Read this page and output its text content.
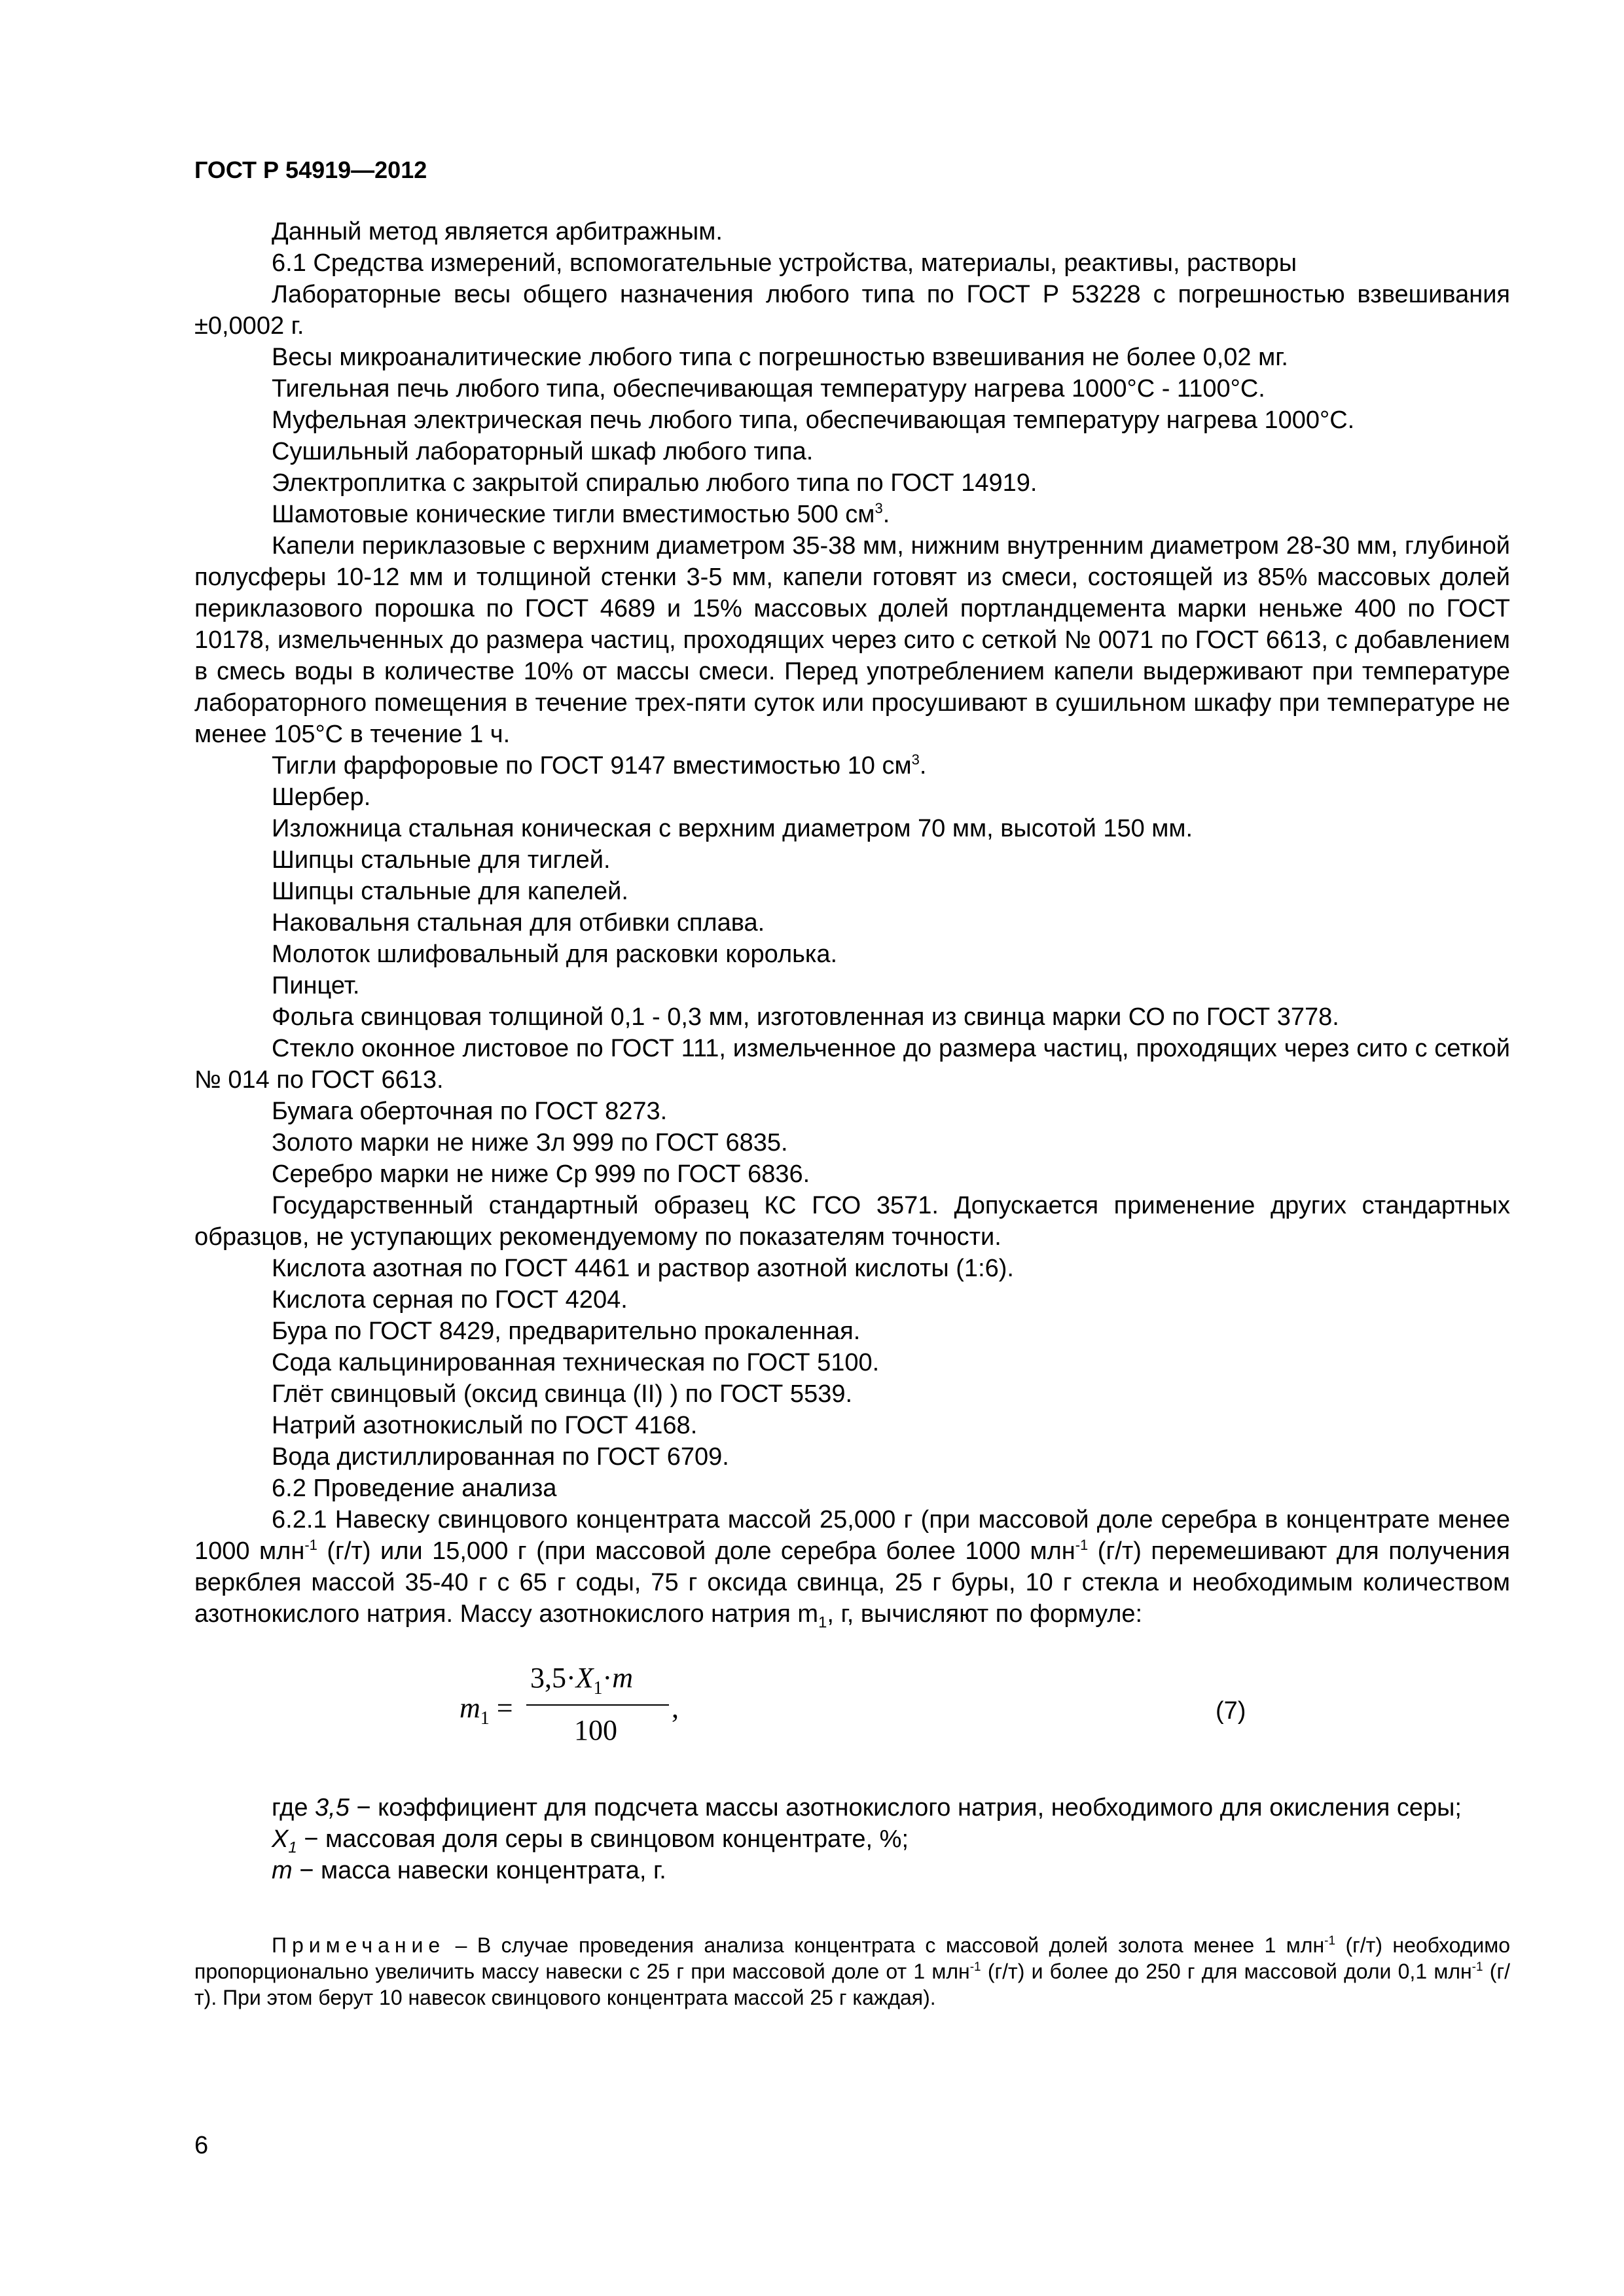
ГОСТ Р 54919—2012

Данный метод является арбитражным.

6.1 Средства измерений, вспомогательные устройства, материалы, реактивы, растворы

Лабораторные весы общего назначения любого типа по ГОСТ Р 53228 с погрешностью взвешивания ±0,0002 г.

Весы микроаналитические любого типа с погрешностью взвешивания не более 0,02 мг.

Тигельная печь любого типа, обеспечивающая температуру нагрева 1000°С - 1100°С.

Муфельная электрическая печь любого типа, обеспечивающая температуру нагрева 1000°С.

Сушильный лабораторный шкаф любого типа.

Электроплитка с закрытой спиралью любого типа по ГОСТ 14919.

Шамотовые конические тигли вместимостью 500 $см^3$.

Капели периклазовые с верхним диаметром 35-38 мм, нижним внутренним диаметром 28-30 мм, глубиной полусферы 10-12 мм и толщиной стенки 3-5 мм, капели готовят из смеси, состоящей из 85% массовых долей периклазового порошка по ГОСТ 4689 и 15% массовых долей портландцемента марки неньже 400 по ГОСТ 10178, измельченных до размера частиц, проходящих через сито с сеткой № 0071 по ГОСТ 6613, с добавлением в смесь воды в количестве 10% от массы смеси. Перед употреблением капели выдерживают при температуре лабораторного помещения в течение трех-пяти суток или просушивают в сушильном шкафу при температуре не менее 105°С в течение 1 ч.

Тигли фарфоровые по ГОСТ 9147 вместимостью 10 $см^3$.

Шербер.

Изложница стальная коническая с верхним диаметром 70 мм, высотой 150 мм.

Шипцы стальные для тиглей.

Шипцы стальные для капелей.

Наковальня стальная для отбивки сплава.

Молоток шлифовальный для расковки королька.

Пинцет.

Фольга свинцовая толщиной 0,1 - 0,3 мм, изготовленная из свинца марки СО по ГОСТ 3778.

Стекло оконное листовое по ГОСТ 111, измельченное до размера частиц, проходящих через сито с сеткой № 014 по ГОСТ 6613.

Бумага оберточная по ГОСТ 8273.

Золото марки не ниже Зл 999 по ГОСТ 6835.

Серебро марки не ниже Ср 999 по ГОСТ 6836.

Государственный стандартный образец КС ГСО 3571. Допускается применение других стандартных образцов, не уступающих рекомендуемому по показателям точности.

Кислота азотная по ГОСТ 4461 и раствор азотной кислоты (1:6).

Кислота серная по ГОСТ 4204.

Бура по ГОСТ 8429, предварительно прокаленная.

Сода кальцинированная техническая по ГОСТ 5100.

Глёт свинцовый (оксид свинца (II) ) по ГОСТ 5539.

Натрий азотнокислый по ГОСТ 4168.

Вода дистиллированная по ГОСТ 6709.

6.2 Проведение анализа

6.2.1 Навеску свинцового концентрата массой 25,000 г (при массовой доле серебра в концентрате менее 1000 млн$^{-1}$ (г/т) или 15,000 г (при массовой доле серебра более 1000 млн$^{-1}$ (г/т) перемешивают для получения веркблея массой 35-40 г с 65 г соды, 75 г оксида свинца, 25 г буры, 10 г стекла и необходимым количеством азотнокислого натрия. Массу азотнокислого натрия $m_1$, г, вычисляют по формуле:

$m_1$ =
$3,5\cdot X_1\cdot m$
100
,	(7)

где 3,5 − коэффициент для подсчета массы азотнокислого натрия, необходимого для окисления серы;

$X_1$ − массовая доля серы в свинцовом концентрате, %;

m − масса навески концентрата, г.

Примечание – В случае проведения анализа концентрата с массовой долей золота менее 1 млн$^{-1}$ (г/т) необходимо пропорционально увеличить массу навески с 25 г при массовой доле от 1 млн$^{-1}$ (г/т) и более до 250 г для массовой доли 0,1 млн$^{-1}$ (г/т). При этом берут 10 навесок свинцового концентрата массой 25 г каждая).

6
